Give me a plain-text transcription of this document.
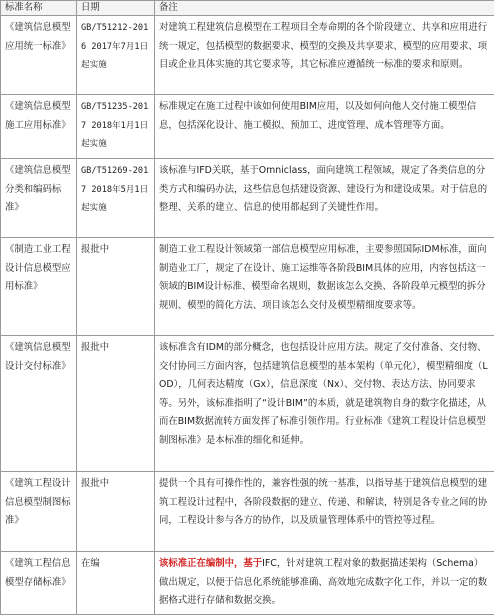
标准名称	日期	备注
《建筑信息模型应用统一标准》	GB/T51212-2016 2017年7月1日起实施	对建筑工程建筑信息模型在工程项目全寿命期的各个阶段建立、共享和应用进行统一规定，包括模型的数据要求、模型的交换及共享要求、模型的应用要求、项目或企业具体实施的其它要求等，其它标准应遵循统一标准的要求和原则。
《建筑信息模型施工应用标准》	GB/T51235-2017 2018年1月1日起实施	标准规定在施工过程中该如何使用BIM应用，以及如何向他人交付施工模型信息，包括深化设计、施工模拟、预加工、进度管理、成本管理等方面。
《建筑信息模型分类和编码标准》	GB/T51269-2017 2018年5月1日起实施	该标准与IFD关联，基于Omniclass，面向建筑工程领域，规定了各类信息的分类方式和编码办法，这些信息包括建设资源、建设行为和建设成果。对于信息的整理、关系的建立、信息的使用都起到了关键性作用。
《制造工业工程设计信息模型应用标准》	报批中	制造工业工程设计领域第一部信息模型应用标准，主要参照国际IDM标准，面向制造业工厂，规定了在设计、施工运维等各阶段BIM具体的应用，内容包括这一领域的BIM设计标准、模型命名规则，数据该怎么交换、各阶段单元模型的拆分规则、模型的简化方法、项目该怎么交付及模型精细度要求等。
《建筑信息模型设计交付标准》	报批中	该标准含有IDM的部分概念，也包括设计应用方法。规定了交付准备、交付物、交付协同三方面内容，包括建筑信息模型的基本架构（单元化），模型精细度（LOD），几何表达精度（Gx），信息深度（Nx）、交付物、表达方法、协同要求等。另外，该标准指明了“设计BIM”的本质，就是建筑物自身的数字化描述，从而在BIM数据流转方面发挥了标准引领作用。行业标准《建筑工程设计信息模型制图标准》是本标准的细化和延伸。
《建筑工程设计信息模型制图标准》	报批中	提供一个具有可操作性的，兼容性强的统一基准，以指导基于建筑信息模型的建筑工程设计过程中，各阶段数据的建立、传递、和解读，特别是各专业之间的协同，工程设计参与各方的协作，以及质量管理体系中的管控等过程。
《建筑工程信息模型存储标准》	在编	该标准正在编制中，基于IFC，针对建筑工程对象的数据描述架构（Schema）做出规定，以便于信息化系统能够准确、高效地完成数字化工作，并以一定的数据格式进行存储和数据交换。
